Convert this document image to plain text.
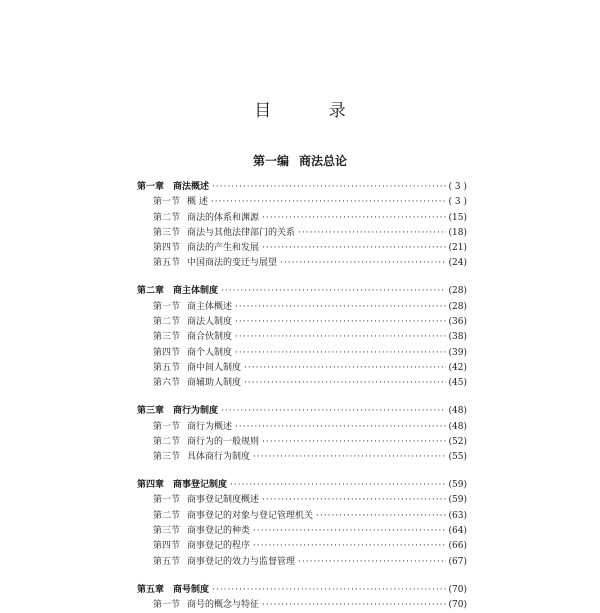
目 录
第一编 商法总论
第一章 商法概述 ·····	( 3 )
第一节 概 述 ·····	( 3 )
第二节 商法的体系和渊源 ·····	(15)
第三节 商法与其他法律部门的关系 ·····	(18)
第四节 商法的产生和发展 ·····	(21)
第五节 中国商法的变迁与展望 ·····	(24)
第二章 商主体制度 ·····	(28)
第一节 商主体概述 ·····	(28)
第二节 商法人制度 ·····	(36)
第三节 商合伙制度 ·····	(38)
第四节 商个人制度 ·····	(39)
第五节 商中间人制度 ·····	(42)
第六节 商辅助人制度 ·····	(45)
第三章 商行为制度 ·····	(48)
第一节 商行为概述 ·····	(48)
第二节 商行为的一般规则 ·····	(52)
第三节 具体商行为制度 ·····	(55)
第四章 商事登记制度 ·····	(59)
第一节 商事登记制度概述 ·····	(59)
第二节 商事登记的对象与登记管理机关 ·····	(63)
第三节 商事登记的种类 ·····	(64)
第四节 商事登记的程序 ·····	(66)
第五节 商事登记的效力与监督管理 ·····	(67)
第五章 商号制度 ·····	(70)
第一节 商号的概念与特征 ·····	(70)
